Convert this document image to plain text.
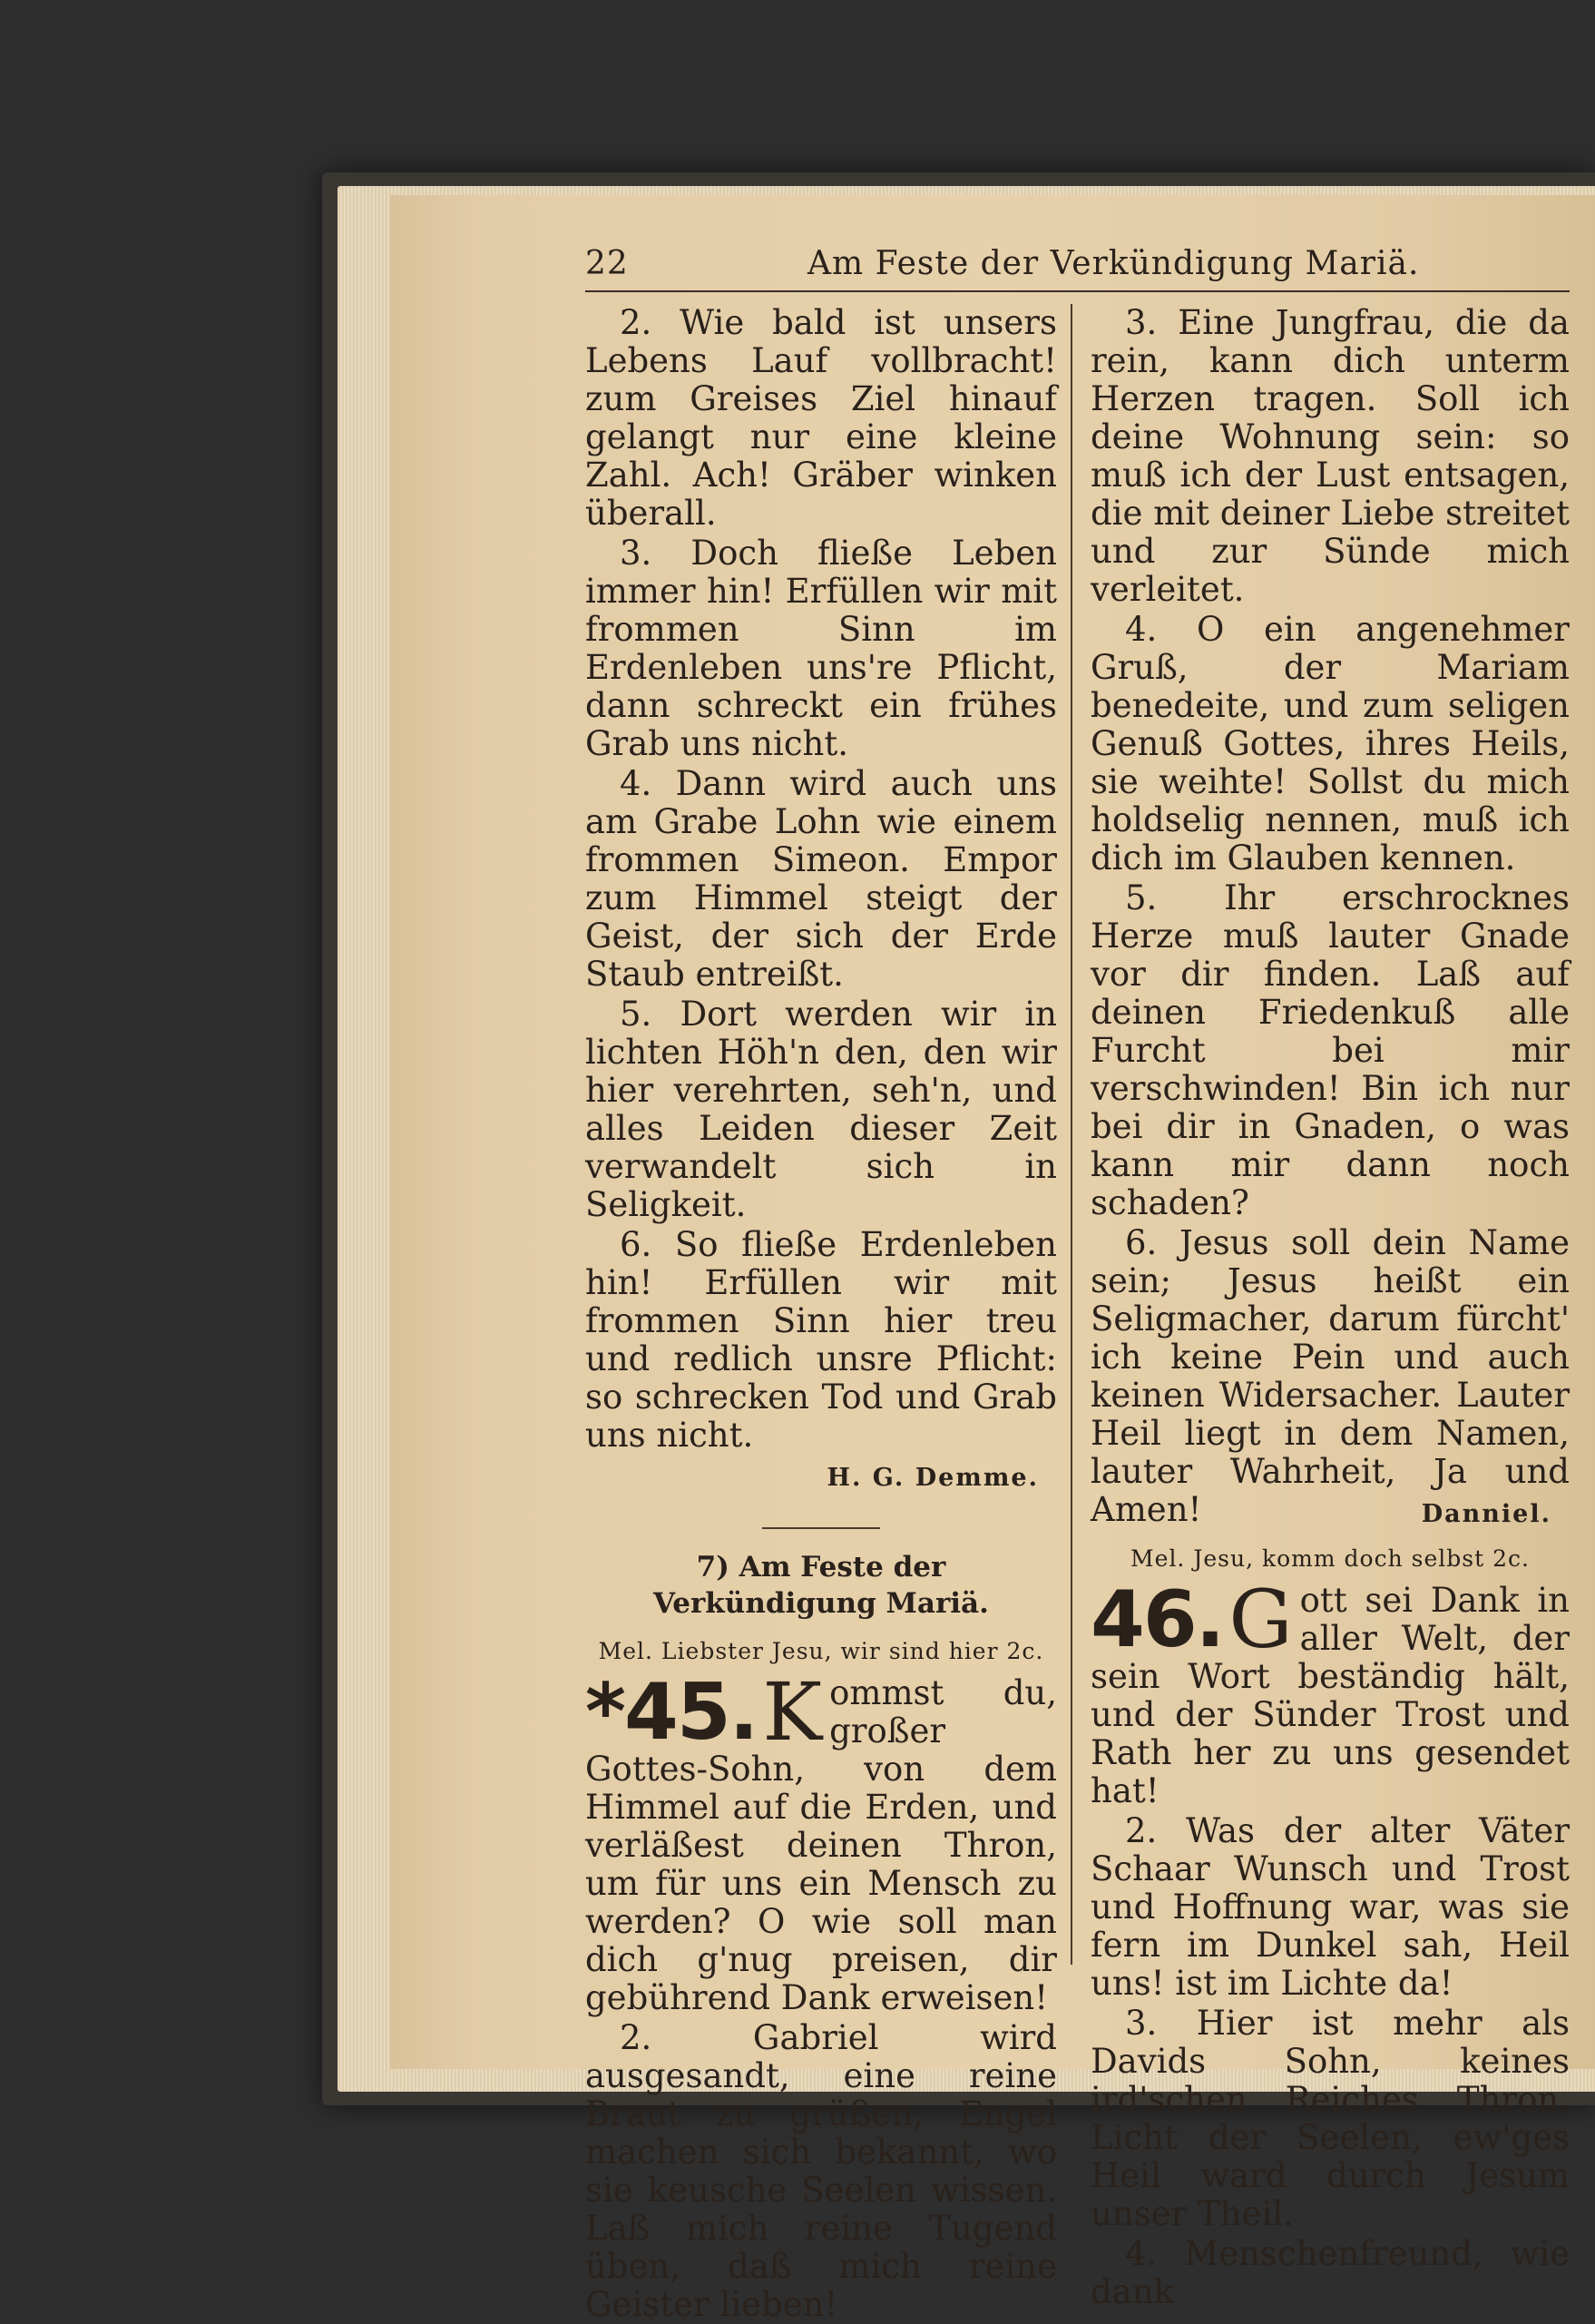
22	Am Feste der Verkündigung Mariä.

2. Wie bald ist unsers Lebens Lauf vollbracht! zum Greises Ziel hinauf gelangt nur eine kleine Zahl. Ach! Gräber winken überall.

3. Doch fließe Leben immer hin! Erfüllen wir mit frommen Sinn im Erdenleben uns're Pflicht, dann schreckt ein frühes Grab uns nicht.

4. Dann wird auch uns am Grabe Lohn wie einem frommen Simeon. Empor zum Himmel steigt der Geist, der sich der Erde Staub entreißt.

5. Dort werden wir in lichten Höh'n den, den wir hier verehrten, seh'n, und alles Leiden dieser Zeit verwandelt sich in Seligkeit.

6. So fließe Erdenleben hin! Erfüllen wir mit frommen Sinn hier treu und redlich unsre Pflicht: so schrecken Tod und Grab uns nicht.

H. G. Demme.
7) Am Feste der Verkündigung Mariä.
Mel. Liebster Jesu, wir sind hier 2c.
*45. K ommst du, großer Gottes-Sohn, von dem Himmel auf die Erden, und verläßest deinen Thron, um für uns ein Mensch zu werden? O wie soll man dich g'nug preisen, dir gebührend Dank erweisen!

2. Gabriel wird ausgesandt, eine reine Braut zu grüßen; Engel machen sich bekannt, wo sie keusche Seelen wissen. Laß mich reine Tugend üben, daß mich reine Geister lieben!

3. Eine Jungfrau, die da rein, kann dich unterm Herzen tragen. Soll ich deine Wohnung sein: so muß ich der Lust entsagen, die mit deiner Liebe streitet und zur Sünde mich verleitet.

4. O ein angenehmer Gruß, der Mariam benedeite, und zum seligen Genuß Gottes, ihres Heils, sie weihte! Sollst du mich holdselig nennen, muß ich dich im Glauben kennen.

5. Ihr erschrocknes Herze muß lauter Gnade vor dir finden. Laß auf deinen Friedenkuß alle Furcht bei mir verschwinden! Bin ich nur bei dir in Gnaden, o was kann mir dann noch schaden?

6. Jesus soll dein Name sein; Jesus heißt ein Seligmacher, darum fürcht' ich keine Pein und auch keinen Widersacher. Lauter Heil liegt in dem Namen, lauter Wahrheit, Ja und Amen!	Danniel.
Mel. Jesu, komm doch selbst 2c.
46. G ott sei Dank in aller Welt, der sein Wort beständig hält, und der Sünder Trost und Rath her zu uns gesendet hat!

2. Was der alter Väter Schaar Wunsch und Trost und Hoffnung war, was sie fern im Dunkel sah, Heil uns! ist im Lichte da!

3. Hier ist mehr als Davids Sohn, keines ird'schen Reiches Thron. Licht der Seelen, ew'ges Heil ward durch Jesum unser Theil.

4. Menschenfreund, wie dank
